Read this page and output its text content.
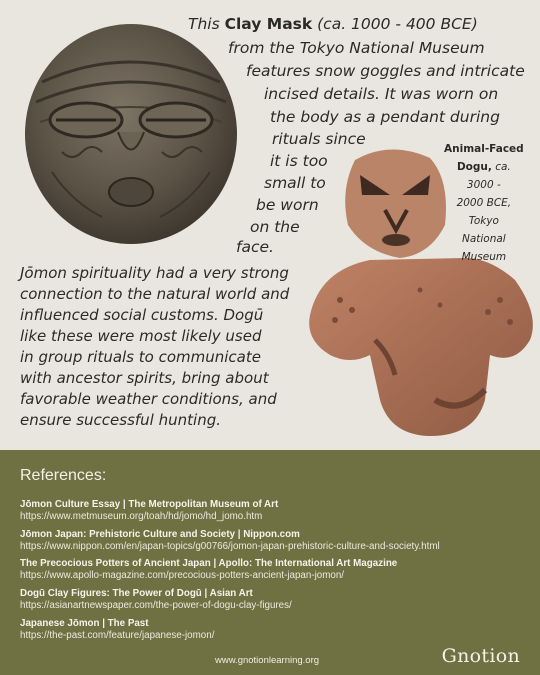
This Clay Mask (ca. 1000 - 400 BCE)
from the Tokyo National Museum
features snow goggles and intricate
incised details. It was worn on
the body as a pendant during
rituals since
it is too
small to
be worn
on the
face.
Animal-Faced
Dogu, ca.
3000 -
2000 BCE,
Tokyo
National
Museum
Jōmon spirituality had a very strong
connection to the natural world and
influenced social customs. Dogū
like these were most likely used
in group rituals to communicate
with ancestor spirits, bring about
favorable weather conditions, and
ensure successful hunting.
References:
Jōmon Culture Essay | The Metropolitan Museum of Art
https://www.metmuseum.org/toah/hd/jomo/hd_jomo.htm
Jōmon Japan: Prehistoric Culture and Society | Nippon.com
https://www.nippon.com/en/japan-topics/g00766/jomon-japan-prehistoric-culture-and-society.html
The Precocious Potters of Ancient Japan | Apollo: The International Art Magazine
https://www.apollo-magazine.com/precocious-potters-ancient-japan-jomon/
Dogū Clay Figures: The Power of Dogū | Asian Art
https://asianartnewspaper.com/the-power-of-dogu-clay-figures/
Japanese Jōmon | The Past
https://the-past.com/feature/japanese-jomon/
www.gnotionlearning.org	Gnotion
